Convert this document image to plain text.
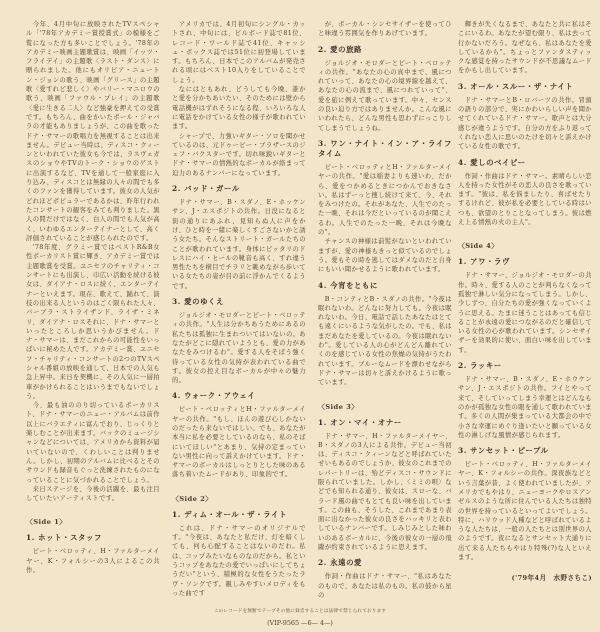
今年、4月中旬に放映されたTVスペシャル「'78年アカデミー賞授賞式」の模様をご覧になった方も多いことでしょう。'78年のアカデミー映画主題歌賞は、映画「イッツ・フライデイ」の主題歌〈ラスト・ダンス〉に贈られました。他にもオリビア・ニュートン・ジョンの歌う、映画「グリース」の主題歌〈愛すれど悲しく〉やバリー・マニロウの歌う、映画「ファウル・プレイ」の主題歌〈愛に生きる二人〉など強豪を押えての受賞です。もちろん、曲をかいたポール・ジャバラの才能もありましょうが、この曲を歌ったドナ・サマーの歌唱力を無視することは出来ません。デビュー当時は、ディスコ・クィーンといわれていた彼女も今では、ラスヴェガスのショウやTVのトーク・ショウのゲストに出演するなど、TVを通して一般家庭に入り込み、ディスコとは無縁の人々の間でも多くのファンを獲得しています。彼女の人気がどれほどポピュラーであるかは、昨年行われたコンサートの観客をみても判りました。黒人の間だけではなく、白人の間でも人気が高く、いわゆるエンターテイナーとして、高く評価されていることが感じられたのです。

'78年度、グラミー賞ではベストR&B女性ボーカリスト賞に輝き、アカデミー賞では主題歌賞を受賞。ユニセフのチャリティ・コンサートにも出演し、巾広い活動を続ける彼女は、ダイアナ・ロスに続く、エンターテイナーといえます。現在、歌えて、踊れて、演技の出来る人というのはごく限られた人々、バーブラ・ストライザンド、ライザ・ミネリ、ダイアナ・ロスそれに、ドナ・サマーといったところしか思いうかびません。ドナ・サマーは、まだこれからの可能性をいっぱいに秘めた人です。アカデミー賞、ユニセフ・チャリティ・コンサートの2つのTVスペシャル番組の放映を通して、日本での人気も急上昇中。来日を契機に、その人気に一層拍車がかけられることはいうまでもないでしょう。

今、最も油ののり切っているボーカリスト、ドナ・サマーのニュー・アルバムは前作以上にバラエティに富んでおり、じっくりと楽しむことが出来ます。バックのミュージシャンなどについては、アメリカから資料が届いていないので、くわしいことは判りません。しかし、初期のアルバムに比べるとそのサウンドも録音もぐっと洗練されたものになっていることに気づかれることでしょう。

来日ステージを、今後の活躍を、最も注目していたいアーティストです。

〈Side 1〉
1. ホット・スタッフ

ピート・ベロッティ、H・ファルターメイヤー、K・フォルシーの3人によるこの共作。

アメリカでは、4月初旬にシングル・カットされ、中旬には、ビルボード誌で81位、レコード・ワールド誌で41位、キャッシュ・ボックス誌では51位に初登場しています。もちろん、日本でこのアルバムが発売される頃にはベスト10入りをしていることでしょう。

なにはともあれ、どうしても今晩、誰かと愛を分かちあいたい、そのためには壁から電話機がはずれそうになる程、いろいろな人に電話をかけている女性の様子が歌われています。

シャープで、力強いギター・ソロを聞かせているのは、元ドゥービー・ブラザースのジェフ・バクスターです。切れ味鋭いギターとドナ・サマーの情熱的なボーカルが絡まって迫力のあるナンバーになっています。

2. バッド・ガール

ドナ・サマー、B・スダノ、E・ホッケンサン、J・エスポジトの共作。日没になると街の通りにあふれ、見知らぬ人に声をかけ、ひと時を一緒に楽しくすごさないかと誘う女たち。そんなストリート・ガールたちのことが歌われています。身体にピッタリのドレスにハイ・ヒールの靴音も高く、すれ違う男性たちを横目でチラリと眺めながら歩いている女たちの姿が目の前に浮かんでくるようです。

3. 愛のゆくえ

ジョルジオ・モロダーとピート・ベロッティの共作。"人生は分かちあうためにあるの私たちは孤独に生まれついてはいないの。あなたがどこに隠れていようとも、愛の力があなたをみつけるわ"。愛する人をそばう強く待っている女性の気持が表われている曲です。彼女の控え目なボーカルが中々の魅力的。

4. ウォーク・アウェイ

ピート・ベロッティとH・ファルターメイヤーの共作。"もし、ほんの遊び心しかないのだったら来ないではしい。でも、あなたが本当に私を必要としているのなら、私のそばにいてほしい"とあまり、気持の定まっていない男性に向って訴えかけています。ドナ・サマーのボーカルはしっとりとした味のある落ち着いたムードがあり、印象的です。

〈Side 2〉
1. ディム・オール・ザ・ライト

これは、ドナ・サマーのオリジナルです。"今夜は、あなたと私だけ、灯を暗くしても、何も心配することはないのだわ。私は、コップみたいなものなのだから。私というコップをあなたの愛でいっぱいにしてちょうだい"という、積極的な女性をうたったラヴ・ソングです。親しみやすいメロディをもった曲です

が、ボーカル・シンセサイザーを使ってひと味違う雰囲気を作りあげています。

2. 愛の旅路

ジョルジオ・モロダーとピート・ベロッティの共作。"あなたの心の真中まで、風につれていって、あなたの心の境界線を越えて、あなたの心の流まで、風につれていって"、愛を旅に例えて歌っています。中々、センスの良い迫り方ではありませんか。こんな風にいわれたら、どんな男性も思わずにっこりしてしまうでしょうね。

3. ワン・ナイト・イン・ア・ライフタイム

ピート・ベロッティとH・ファルターメイヤーの共作。"愛は稲妻よりも速いわ、だから、愛をつかめるときにつかんでおきなさい。私はずーっと捜し続けて来て、今、それをみつけたの。それがあなた、人生でのたった一晩、それは今だといっているのが聞こえるわ。人生でのたった一晩、それは今晩なの"。

チャンスの神様は前髪がないといわれていますが、愛の神様もきっと似ているのでしょう。愛もその時を逃してはダメなのだと自身にもいい聞かせるように歌われています。

4. 今宵をともに

B・コンティとB・スダノの共作。"今夜は眠れないわ。どんなに努力しても。今夜は眠れないわ。今日、電話で話したあなたはとても遠くにいるような気がしたの。でも、私はまだあなたを愛しているの。今夜は眠れないわ"。愛している人の心がどんどん離れていくのを感じている女性の焦燥の気持がうたわれています。ブルーなムードを漂わせながらドナ・サマーは切々と訴えかけるように歌っています。

〈Side 3〉
1. オン・マイ・オナー

ドナ・サマー、H・ファルターメイヤー、B・スダノの3人による共作。デビュー当初は、ディスコ・クィーンなどと呼ばれていたせいもあるのでしょうか、彼女のこれまでのレパートリーは、殆どディスコ・サウンドに限られていました。しかし、〈ミミの唄〉などでも知られる通り、彼女は、スローな、バラード風の曲でもとても良い味を出しています。この曲も、そうした、これまであまり表面に出なかった彼女の良さをハッキリと表わしているナンバーです。しみじみとした味わいのあるボーカルに、今後の彼女の一層の飛躍が約束されているように思えます。

2. 永遠の愛

作詞・作曲はドナ・サマー、"私はあなたのもので、あなたは私のもの。私の鼓から星の

輝きが失くなるまで、あなたと共に私はそこにいるわ。あなたが望む限り、私は去って行かないだろう。なぜなら、私はあなたを愛しているから"。ちょっとファンタスティックな感覚を持ったサウンドが不思議なムードをかもし出しています。

3. オール・スルー・ザ・ナイト

ドナ・サマーとB・ロバーツの共作。冒頭の語りの部分で、実にかわいらしい声を聞かせてくれているドナ・サマー。歌声とは大分感じが違うようです。自分の方をふり返ってくれない恋人に思いのたけを切々と訴えかけている女性の歌です。

4. 愛しのベイビー

作詞・作曲はドナ・サマー。素晴らしい恋人を持った女性がその恋人の良さを歌っています。"彼は、私を悩ましたり、喜ばせたりするけれど、彼が私を必要としている時はいつも、欲望のとりことなってしまう。彼は燃え上る情熱の火の主人"。

〈Side 4〉
1. アワ・ラヴ

ドナ・サマー、ジョルジオ・モロダーの共作。時々、愛する人のことが判らなくなって孤独で淋しい気分になってしまう。しかし、少しずつ、自分たちの愛が強くなっていくように思える。たまに迷うことはあっても信じることが永遠の愛につながるのだと確信している女性の心が歌われています。シンセサイザーを効果的に使い、面白い味を出しています。

2. ラッキー

ドナ・サマー、B・スダノ、E・ホウケンサン、J・エスポジトの共作。フイとやって来て、そしていってしまう幸運とはどんなものかが孤独な女性の眼を通して歌われています。多くの人間が集まっている大都会の中で小さな幸運にめぐり逢いたいと願っている女性の淋しげな風情が感じられます。

3. サンセット・ピープル

ピート・ベロッティ、H・ファルターメイヤー、K・フォルシーの共作。深夜族などという言葉が昔、よく使われていましたが、アメリカでもやはり、ニューヨークやロスアンゼルスのような所に住んでいる人たちは独特の世界を持っているといってよいでしょう。特に、ハリウッド人種などと呼ばれているような人たちは、一般の人たちとは別世界の人のようです。夜になるとサンセット大通りに出て来る人たちもやはり特殊(?)な人といえます。

('79年4月　水野さちこ)
このレコードを無断でテープその他に録音することは法律で禁じられております
(VIP-9565 —6— 4—)
